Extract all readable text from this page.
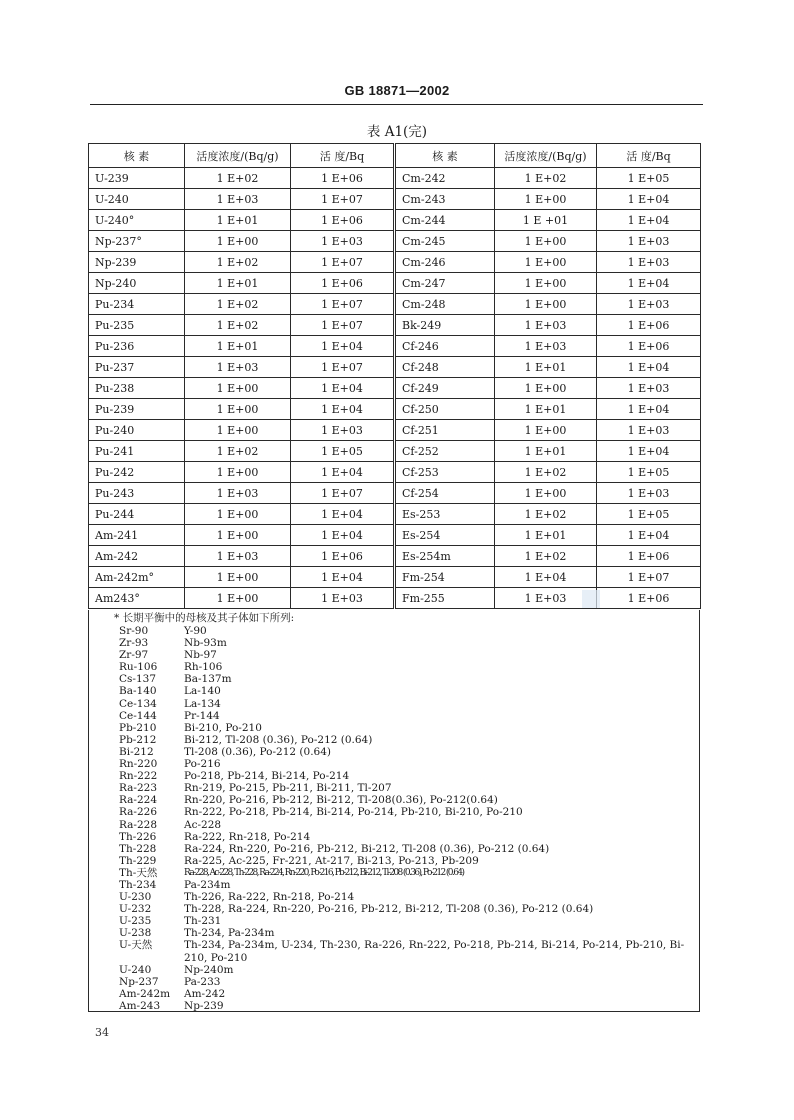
GB 18871—2002
表 A1(完)
核 素	活度浓度/(Bq/g)	活 度/Bq	核 素	活度浓度/(Bq/g)	活 度/Bq
U-239	1 E+02	1 E+06	Cm-242	1 E+02	1 E+05
U-240	1 E+03	1 E+07	Cm-243	1 E+00	1 E+04
U-240°	1 E+01	1 E+06	Cm-244	1 E +01	1 E+04
Np-237°	1 E+00	1 E+03	Cm-245	1 E+00	1 E+03
Np-239	1 E+02	1 E+07	Cm-246	1 E+00	1 E+03
Np-240	1 E+01	1 E+06	Cm-247	1 E+00	1 E+04
Pu-234	1 E+02	1 E+07	Cm-248	1 E+00	1 E+03
Pu-235	1 E+02	1 E+07	Bk-249	1 E+03	1 E+06
Pu-236	1 E+01	1 E+04	Cf-246	1 E+03	1 E+06
Pu-237	1 E+03	1 E+07	Cf-248	1 E+01	1 E+04
Pu-238	1 E+00	1 E+04	Cf-249	1 E+00	1 E+03
Pu-239	1 E+00	1 E+04	Cf-250	1 E+01	1 E+04
Pu-240	1 E+00	1 E+03	Cf-251	1 E+00	1 E+03
Pu-241	1 E+02	1 E+05	Cf-252	1 E+01	1 E+04
Pu-242	1 E+00	1 E+04	Cf-253	1 E+02	1 E+05
Pu-243	1 E+03	1 E+07	Cf-254	1 E+00	1 E+03
Pu-244	1 E+00	1 E+04	Es-253	1 E+02	1 E+05
Am-241	1 E+00	1 E+04	Es-254	1 E+01	1 E+04
Am-242	1 E+03	1 E+06	Es-254m	1 E+02	1 E+06
Am-242m°	1 E+00	1 E+04	Fm-254	1 E+04	1 E+07
Am243°	1 E+00	1 E+03	Fm-255	1 E+03	1 E+06
* 长期平衡中的母核及其子体如下所列:
Sr-90	Y-90
Zr-93	Nb-93m
Zr-97	Nb-97
Ru-106	Rh-106
Cs-137	Ba-137m
Ba-140	La-140
Ce-134	La-134
Ce-144	Pr-144
Pb-210	Bi-210, Po-210
Pb-212	Bi-212, Tl-208 (0.36), Po-212 (0.64)
Bi-212	Tl-208 (0.36), Po-212 (0.64)
Rn-220	Po-216
Rn-222	Po-218, Pb-214, Bi-214, Po-214
Ra-223	Rn-219, Po-215, Pb-211, Bi-211, Tl-207
Ra-224	Rn-220, Po-216, Pb-212, Bi-212, Tl-208(0.36), Po-212(0.64)
Ra-226	Rn-222, Po-218, Pb-214, Bi-214, Po-214, Pb-210, Bi-210, Po-210
Ra-228	Ac-228
Th-226	Ra-222, Rn-218, Po-214
Th-228	Ra-224, Rn-220, Po-216, Pb-212, Bi-212, Tl-208 (0.36), Po-212 (0.64)
Th-229	Ra-225, Ac-225, Fr-221, At-217, Bi-213, Po-213, Pb-209
Th-天然	Ra-228, Ac-228, Th-228, Ra-224, Rn-220, Po-216, Pb-212, Bi-212, Tl-208 (0.36), Po-212 (0.64)
Th-234	Pa-234m
U-230	Th-226, Ra-222, Rn-218, Po-214
U-232	Th-228, Ra-224, Rn-220, Po-216, Pb-212, Bi-212, Tl-208 (0.36), Po-212 (0.64)
U-235	Th-231
U-238	Th-234, Pa-234m
U-天然	Th-234, Pa-234m, U-234, Th-230, Ra-226, Rn-222, Po-218, Pb-214, Bi-214, Po-214, Pb-210, Bi-210, Po-210
U-240	Np-240m
Np-237	Pa-233
Am-242m	Am-242
Am-243	Np-239
34
